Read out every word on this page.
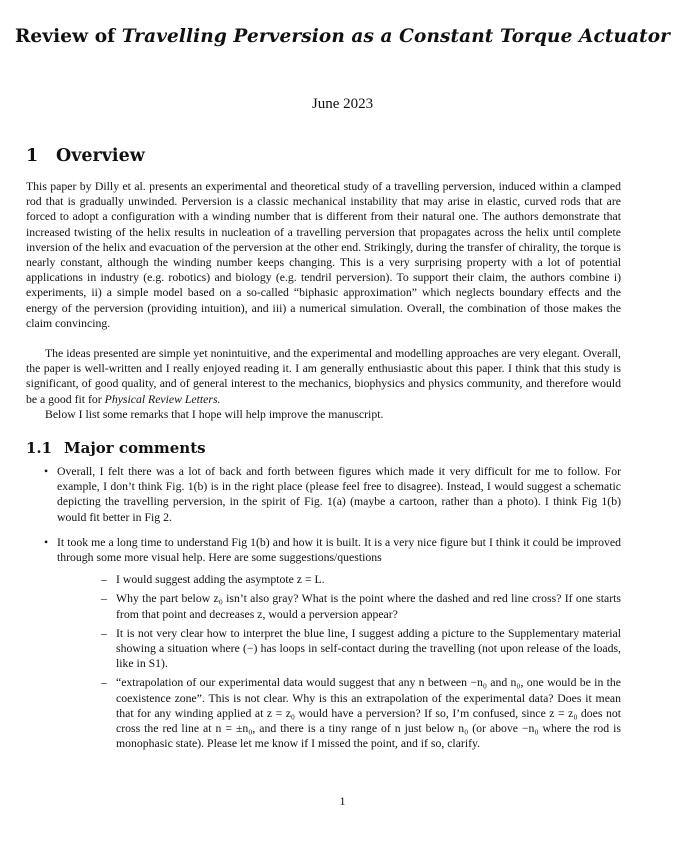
Review of Travelling Perversion as a Constant Torque Actuator
June 2023
1 Overview
This paper by Dilly et al. presents an experimental and theoretical study of a travelling perversion, induced within a clamped rod that is gradually unwinded. Perversion is a classic mechanical instability that may arise in elastic, curved rods that are forced to adopt a configuration with a winding number that is different from their natural one. The authors demonstrate that increased twisting of the helix results in nucleation of a travelling perversion that propagates across the helix until complete inversion of the helix and evacuation of the perversion at the other end. Strikingly, during the transfer of chirality, the torque is nearly constant, although the winding number keeps changing. This is a very surprising property with a lot of potential applications in industry (e.g. robotics) and biology (e.g. tendril perversion). To support their claim, the authors combine i) experiments, ii) a simple model based on a so-called “biphasic approximation” which neglects boundary effects and the energy of the perversion (providing intuition), and iii) a numerical simulation. Overall, the combination of those makes the claim convincing.
The ideas presented are simple yet nonintuitive, and the experimental and modelling approaches are very elegant. Overall, the paper is well-written and I really enjoyed reading it. I am generally enthusiastic about this paper. I think that this study is significant, of good quality, and of general interest to the mechanics, biophysics and physics community, and therefore would be a good fit for Physical Review Letters.
Below I list some remarks that I hope will help improve the manuscript.
1.1 Major comments
• Overall, I felt there was a lot of back and forth between figures which made it very difficult for me to follow. For example, I don’t think Fig. 1(b) is in the right place (please feel free to disagree). Instead, I would suggest a schematic depicting the travelling perversion, in the spirit of Fig. 1(a) (maybe a cartoon, rather than a photo). I think Fig 1(b) would fit better in Fig 2.
• It took me a long time to understand Fig 1(b) and how it is built. It is a very nice figure but I think it could be improved through some more visual help. Here are some suggestions/questions
– I would suggest adding the asymptote z = L.
– Why the part below z₀ isn’t also gray? What is the point where the dashed and red line cross? If one starts from that point and decreases z, would a perversion appear?
– It is not very clear how to interpret the blue line, I suggest adding a picture to the Supplementary material showing a situation where (−) has loops in self-contact during the travelling (not upon release of the loads, like in S1).
– “extrapolation of our experimental data would suggest that any n between −n₀ and n₀, one would be in the coexistence zone”. This is not clear. Why is this an extrapolation of the experimental data? Does it mean that for any winding applied at z = z₀ would have a perversion? If so, I’m confused, since z = z₀ does not cross the red line at n = ±n₀, and there is a tiny range of n just below n₀ (or above −n₀ where the rod is monophasic state). Please let me know if I missed the point, and if so, clarify.
1
